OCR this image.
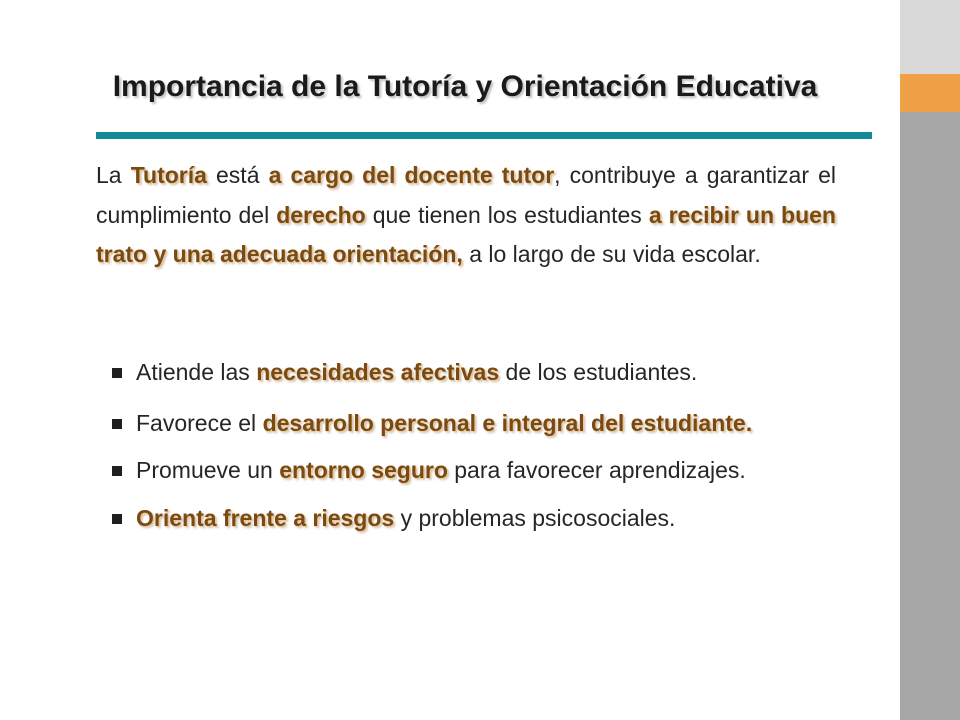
Importancia de la Tutoría y Orientación Educativa

La Tutoría está a cargo del docente tutor, contribuye a garantizar el cumplimiento del derecho que tienen los estudiantes a recibir un buen trato y una adecuada orientación, a lo largo de su vida escolar.

Atiende las necesidades afectivas de los estudiantes.
Favorece el desarrollo personal e integral del estudiante.
Promueve un entorno seguro para favorecer aprendizajes.
Orienta frente a riesgos y problemas psicosociales.
